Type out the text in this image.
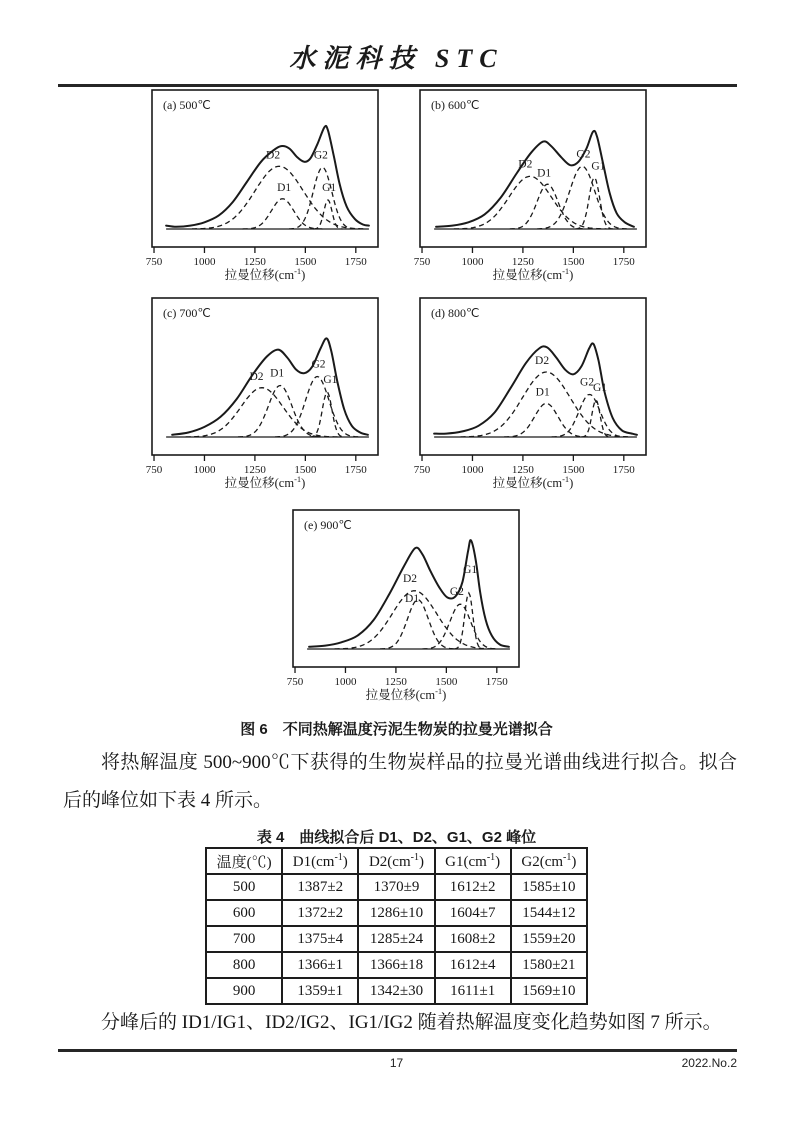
水泥科技 STC
750	1000	1250	1500	1750
拉曼位移$(cm^{-1})$
(a) 500℃
D2
D1
G2
G1
750	1000	1250	1500	1750
拉曼位移$(cm^{-1})$
(b) 600℃
D2
D1
G2
G1
750	1000	1250	1500	1750
拉曼位移$(cm^{-1})$
(c) 700℃
D2 D1
G2
G1
750	1000	1250	1500	1750
拉曼位移$(cm^{-1})$
(d) 800℃
D2
D1
G2
G1
750	1000	1250	1500	1750
拉曼位移$(cm^{-1})$
(e) 900℃
D2
D1
G2
G1
图 6　不同热解温度污泥生物炭的拉曼光谱拟合
将热解温度 500~900℃下获得的生物炭样品的拉曼光谱曲线进行拟合。拟合后的峰位如下表 4 所示。
表 4　曲线拟合后 D1、D2、G1、G2 峰位
温度(℃)	$D1(cm^{-1})$	$D2(cm^{-1})$	$G1(cm^{-1})$	$G2(cm^{-1})$
500	1387±2	1370±9	1612±2	1585±10
600	1372±2	1286±10	1604±7	1544±12
700	1375±4	1285±24	1608±2	1559±20
800	1366±1	1366±18	1612±4	1580±21
900	1359±1	1342±30	1611±1	1569±10
分峰后的 ID1/IG1、ID2/IG2、IG1/IG2 随着热解温度变化趋势如图 7 所示。
17	2022.No.2
